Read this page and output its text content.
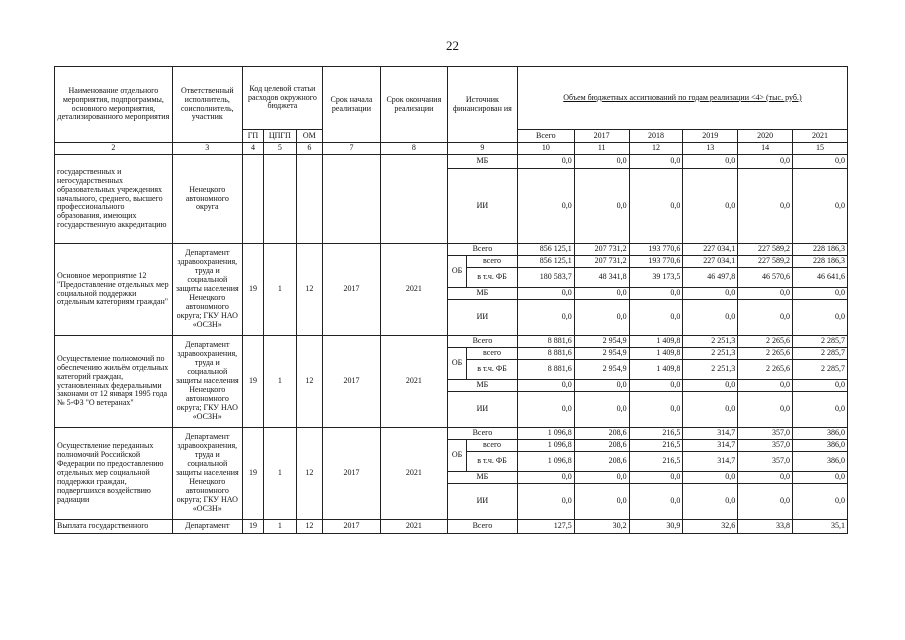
22
Наименование отдельного мероприятия, подпрограммы, основного мероприятия, детализированного мероприятия	Ответственный исполнитель, соисполнитель, участник	Код целевой статьи расходов окружного бюджета			Срок начала реализации	Срок окончания реализации	Источник финансирован ия		Объем бюджетных ассигнований по годам реализации <4> (тыс. руб.)					
		ГП	ЦПГП	ОМ					Всего	2017	2018	2019	2020	2021
2	3	4	5	6	7	8	9		10	11	12	13	14	15
государственных и негосударственных образовательных учреждениях начального, среднего, высшего профессионального образования, имеющих государственную аккредитацию	Ненецкого автономного округа						МБ		0,0	0,0	0,0	0,0	0,0	0,0
							ИИ		0,0	0,0	0,0	0,0	0,0	0,0
Основное мероприятие 12 "Предоставление отдельных мер социальной поддержки отдельным категориям граждан"	Департамент здравоохранения, труда и социальной защиты населения Ненецкого автономного округа; ГКУ НАО «ОСЗН»	19	1	12	2017	2021	Всего		856 125,1	207 731,2	193 770,6	227 034,1	227 589,2	228 186,3
							ОБ	всего	856 125,1	207 731,2	193 770,6	227 034,1	227 589,2	228 186,3
								в т.ч. ФБ	180 583,7	48 341,8	39 173,5	46 497,8	46 570,6	46 641,6
							МБ		0,0	0,0	0,0	0,0	0,0	0,0
							ИИ		0,0	0,0	0,0	0,0	0,0	0,0
Осуществление полномочий по обеспечению жильём отдельных категорий граждан, установленных федеральными законами от 12 января 1995 года № 5-ФЗ "О ветеранах"	Департамент здравоохранения, труда и социальной защиты населения Ненецкого автономного округа; ГКУ НАО «ОСЗН»	19	1	12	2017	2021	Всего		8 881,6	2 954,9	1 409,8	2 251,3	2 265,6	2 285,7
							ОБ	всего	8 881,6	2 954,9	1 409,8	2 251,3	2 265,6	2 285,7
								в т.ч. ФБ	8 881,6	2 954,9	1 409,8	2 251,3	2 265,6	2 285,7
							МБ		0,0	0,0	0,0	0,0	0,0	0,0
							ИИ		0,0	0,0	0,0	0,0	0,0	0,0
Осуществление переданных полномочий Российской Федерации по предоставлению отдельных мер социальной поддержки граждан, подвергшихся воздействию радиации	Департамент здравоохранения, труда и социальной защиты населения Ненецкого автономного округа; ГКУ НАО «ОСЗН»	19	1	12	2017	2021	Всего		1 096,8	208,6	216,5	314,7	357,0	386,0
							ОБ	всего	1 096,8	208,6	216,5	314,7	357,0	386,0
								в т.ч. ФБ	1 096,8	208,6	216,5	314,7	357,0	386,0
							МБ		0,0	0,0	0,0	0,0	0,0	0,0
							ИИ		0,0	0,0	0,0	0,0	0,0	0,0
Выплата государственного	Департамент	19	1	12	2017	2021	Всего		127,5	30,2	30,9	32,6	33,8	35,1
